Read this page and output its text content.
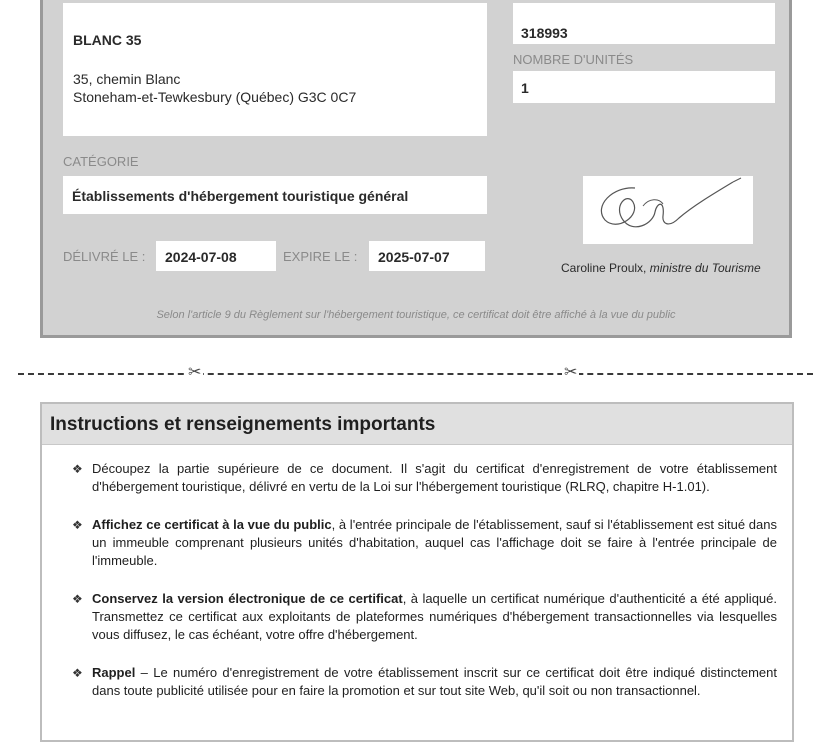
BLANC 35
35, chemin Blanc
Stoneham-et-Tewkesbury (Québec) G3C 0C7
318993
NOMBRE D'UNITÉS
1
CATÉGORIE
Établissements d'hébergement touristique général
DÉLIVRÉ LE : 2024-07-08	EXPIRE LE : 2025-07-07
Caroline Proulx, ministre du Tourisme
Selon l'article 9 du Règlement sur l'hébergement touristique, ce certificat doit être affiché à la vue du public
✂	✂
Instructions et renseignements importants
❖ Découpez la partie supérieure de ce document. Il s'agit du certificat d'enregistrement de votre établissement d'hébergement touristique, délivré en vertu de la Loi sur l'hébergement touristique (RLRQ, chapitre H-1.01).

❖ Affichez ce certificat à la vue du public, à l'entrée principale de l'établissement, sauf si l'établissement est situé dans un immeuble comprenant plusieurs unités d'habitation, auquel cas l'affichage doit se faire à l'entrée principale de l'immeuble.

❖ Conservez la version électronique de ce certificat, à laquelle un certificat numérique d'authenticité a été appliqué. Transmettez ce certificat aux exploitants de plateformes numériques d'hébergement transactionnelles via lesquelles vous diffusez, le cas échéant, votre offre d'hébergement.

❖ Rappel – Le numéro d'enregistrement de votre établissement inscrit sur ce certificat doit être indiqué distinctement dans toute publicité utilisée pour en faire la promotion et sur tout site Web, qu'il soit ou non transactionnel.
